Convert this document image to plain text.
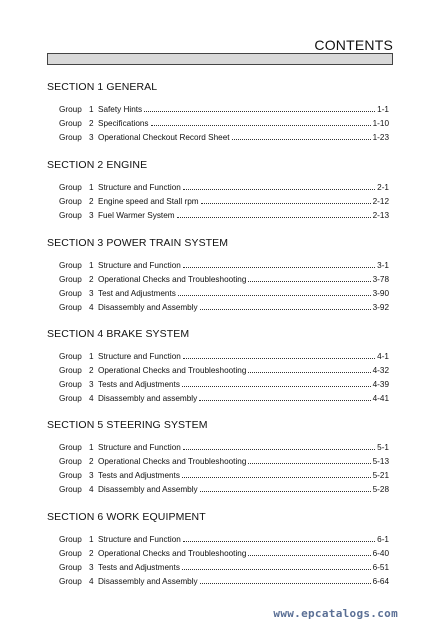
CONTENTS
SECTION 1 GENERAL
Group 1 Safety Hints	1-1
Group 2 Specifications	1-10
Group 3 Operational Checkout Record Sheet	1-23
SECTION 2 ENGINE
Group 1 Structure and Function	2-1
Group 2 Engine speed and Stall rpm	2-12
Group 3 Fuel Warmer System	2-13
SECTION 3 POWER TRAIN SYSTEM
Group 1 Structure and Function	3-1
Group 2 Operational Checks and Troubleshooting	3-78
Group 3 Test and Adjustments	3-90
Group 4 Disassembly and Assembly	3-92
SECTION 4 BRAKE SYSTEM
Group 1 Structure and Function	4-1
Group 2 Operational Checks and Troubleshooting	4-32
Group 3 Tests and Adjustments	4-39
Group 4 Disassembly and assembly	4-41
SECTION 5 STEERING SYSTEM
Group 1 Structure and Function	5-1
Group 2 Operational Checks and Troubleshooting	5-13
Group 3 Tests and Adjustments	5-21
Group 4 Disassembly and Assembly	5-28
SECTION 6 WORK EQUIPMENT
Group 1 Structure and Function	6-1
Group 2 Operational Checks and Troubleshooting	6-40
Group 3 Tests and Adjustments	6-51
Group 4 Disassembly and Assembly	6-64
www.epcatalogs.com
